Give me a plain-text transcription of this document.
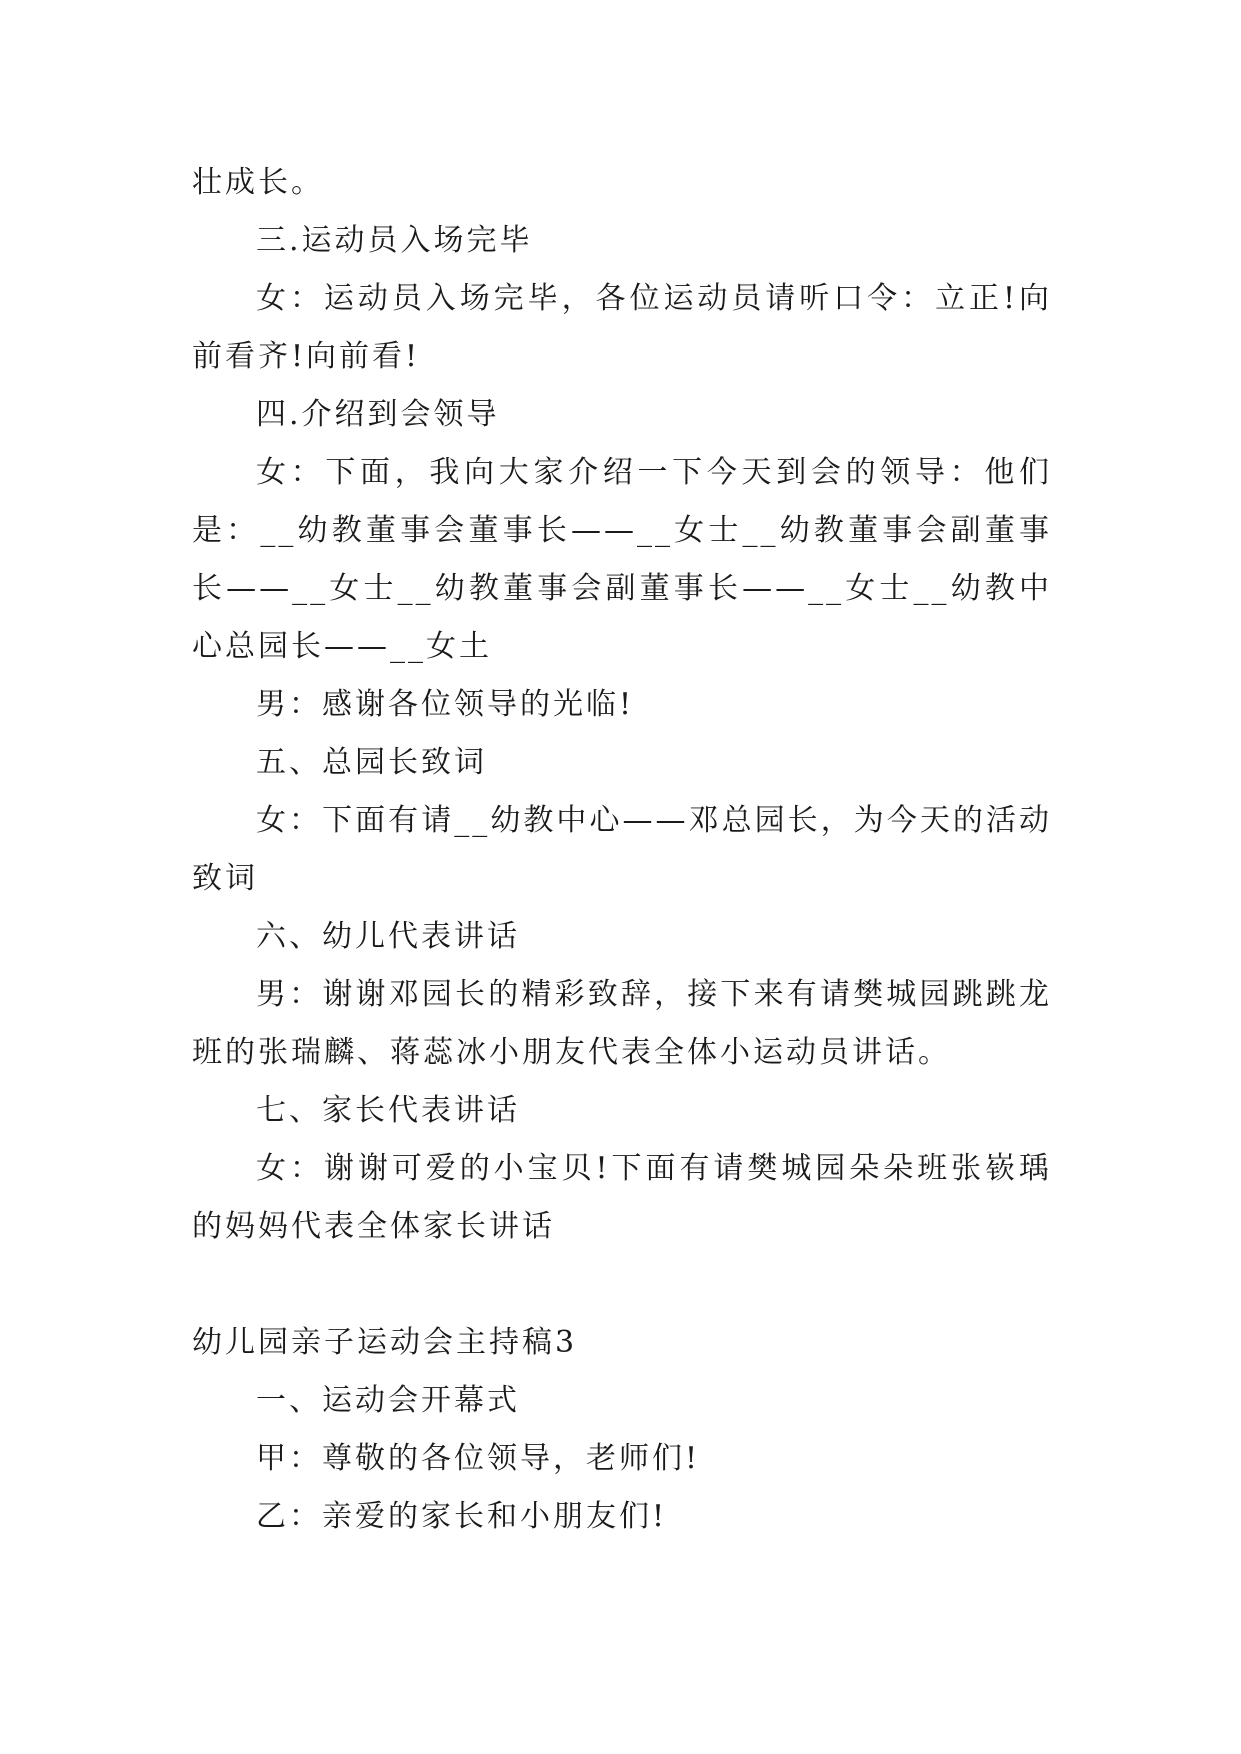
壮成长。

三.运动员入场完毕

女：运动员入场完毕，各位运动员请听口令：立正!向前看齐!向前看!

四.介绍到会领导

女：下面，我向大家介绍一下今天到会的领导：他们是：__幼教董事会董事长——__女士__幼教董事会副董事长——__女士__幼教董事会副董事长——__女士__幼教中心总园长——__女土

男：感谢各位领导的光临!

五、总园长致词

女：下面有请__幼教中心——邓总园长，为今天的活动致词

六、幼儿代表讲话

男：谢谢邓园长的精彩致辞，接下来有请樊城园跳跳龙班的张瑞麟、蒋蕊冰小朋友代表全体小运动员讲话。

七、家长代表讲话

女：谢谢可爱的小宝贝!下面有请樊城园朵朵班张嵚瑀的妈妈代表全体家长讲话

幼儿园亲子运动会主持稿3

一、运动会开幕式

甲：尊敬的各位领导，老师们!

乙：亲爱的家长和小朋友们!
